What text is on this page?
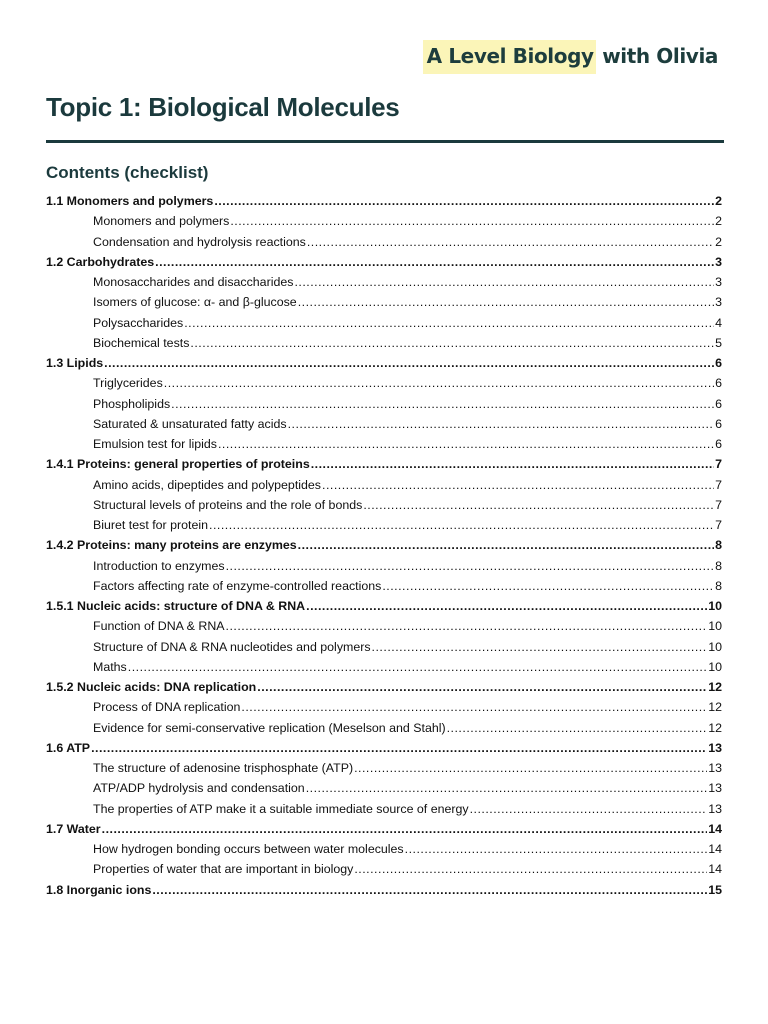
A Level Biology with Olivia
Topic 1: Biological Molecules
Contents (checklist)
1.1 Monomers and polymers .....	2
Monomers and polymers .....	2
Condensation and hydrolysis reactions .....	2
1.2 Carbohydrates .....	3
Monosaccharides and disaccharides .....	3
Isomers of glucose: α- and β-glucose .....	3
Polysaccharides .....	4
Biochemical tests .....	5
1.3 Lipids .....	6
Triglycerides .....	6
Phospholipids .....	6
Saturated & unsaturated fatty acids .....	6
Emulsion test for lipids .....	6
1.4.1 Proteins: general properties of proteins .....	7
Amino acids, dipeptides and polypeptides .....	7
Structural levels of proteins and the role of bonds .....	7
Biuret test for protein .....	7
1.4.2 Proteins: many proteins are enzymes .....	8
Introduction to enzymes .....	8
Factors affecting rate of enzyme-controlled reactions .....	8
1.5.1 Nucleic acids: structure of DNA & RNA .....	10
Function of DNA & RNA .....	10
Structure of DNA & RNA nucleotides and polymers .....	10
Maths .....	10
1.5.2 Nucleic acids: DNA replication .....	12
Process of DNA replication .....	12
Evidence for semi-conservative replication (Meselson and Stahl) .....	12
1.6 ATP .....	13
The structure of adenosine trisphosphate (ATP) .....	13
ATP/ADP hydrolysis and condensation .....	13
The properties of ATP make it a suitable immediate source of energy .....	13
1.7 Water .....	14
How hydrogen bonding occurs between water molecules .....	14
Properties of water that are important in biology .....	14
1.8 Inorganic ions .....	15
